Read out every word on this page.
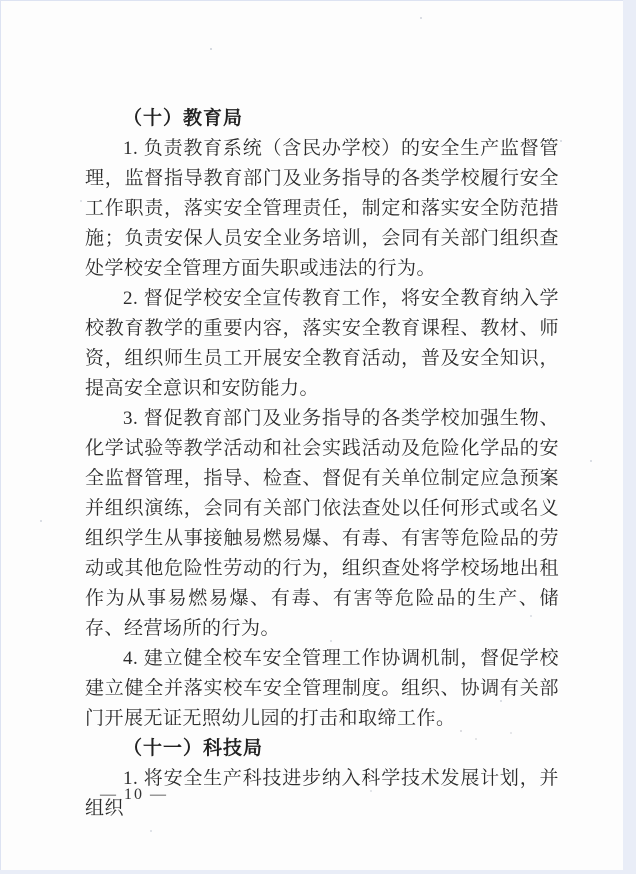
（十）教育局

1. 负责教育系统（含民办学校）的安全生产监督管理，监督指导教育部门及业务指导的各类学校履行安全工作职责，落实安全管理责任，制定和落实安全防范措施；负责安保人员安全业务培训，会同有关部门组织查处学校安全管理方面失职或违法的行为。

2. 督促学校安全宣传教育工作，将安全教育纳入学校教育教学的重要内容，落实安全教育课程、教材、师资，组织师生员工开展安全教育活动，普及安全知识，提高安全意识和安防能力。

3. 督促教育部门及业务指导的各类学校加强生物、化学试验等教学活动和社会实践活动及危险化学品的安全监督管理，指导、检查、督促有关单位制定应急预案并组织演练，会同有关部门依法查处以任何形式或名义组织学生从事接触易燃易爆、有毒、有害等危险品的劳动或其他危险性劳动的行为，组织查处将学校场地出租作为从事易燃易爆、有毒、有害等危险品的生产、储存、经营场所的行为。

4. 建立健全校车安全管理工作协调机制，督促学校建立健全并落实校车安全管理制度。组织、协调有关部门开展无证无照幼儿园的打击和取缔工作。

（十一）科技局

1. 将安全生产科技进步纳入科学技术发展计划，并组织

— 10 —
